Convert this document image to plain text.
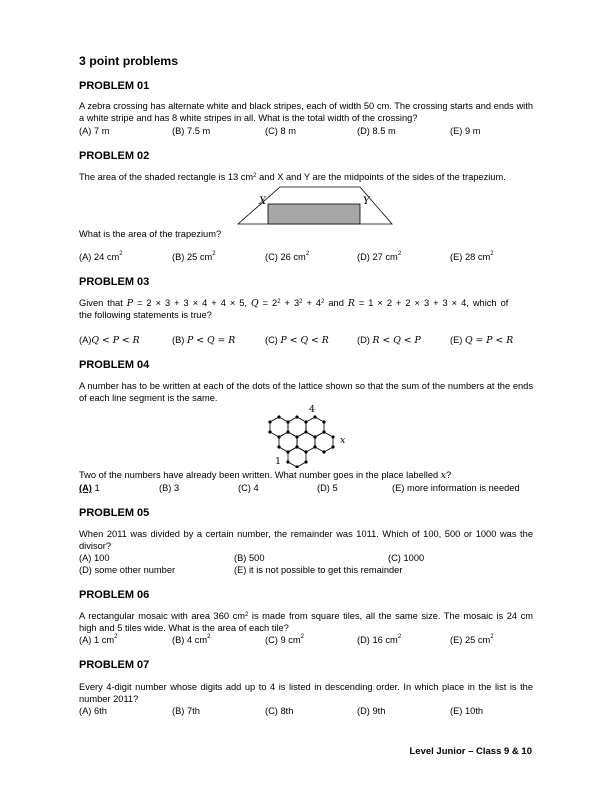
3 point problems
PROBLEM 01
A zebra crossing has alternate white and black stripes, each of width 50 cm. The crossing starts and ends with a white stripe and has 8 white stripes in all. What is the total width of the crossing?
(A) 7 m	(B) 7.5 m	(C) 8 m	(D) 8.5 m	(E) 9 m
PROBLEM 02
The area of the shaded rectangle is 13 $cm^2$ and X and Y are the midpoints of the sides of the trapezium.
X	Y
What is the area of the trapezium?
(A) 24 $cm^2$	(B) 25 $cm^2$	(C) 26 $cm^2$	(D) 27 $cm^2$	(E) 28 $cm^2$
PROBLEM 03
Given that P = 2 × 3 + 3 × 4 + 4 × 5, $Q = 2^2 + 3^2 + 4^2$ and R = 1 × 2 + 2 × 3 + 3 × 4, which of
the following statements is true?
(A)Q < P < R	(B) P < Q = R	(C) P < Q < R	(D) R < Q < P	(E) Q = P < R
PROBLEM 04
A number has to be written at each of the dots of the lattice shown so that the sum of the numbers at the ends of each line segment is the same.
4
1
x
Two of the numbers have already been written. What number goes in the place labelled x?
(A) 1	(B) 3	(C) 4	(D) 5	(E) more information is needed
PROBLEM 05
When 2011 was divided by a certain number, the remainder was 1011. Which of 100, 500 or 1000 was the divisor?
(A) 100	(B) 500	(C) 1000
(D) some other number	(E) it is not possible to get this remainder
PROBLEM 06
A rectangular mosaic with area 360 $cm^2$ is made from square tiles, all the same size. The mosaic is 24 cm high and 5 tiles wide. What is the area of each tile?
(A) 1 $cm^2$	(B) 4 $cm^2$	(C) 9 $cm^2$	(D) 16 $cm^2$	(E) 25 $cm^2$
PROBLEM 07
Every 4-digit number whose digits add up to 4 is listed in descending order. In which place in the list is the number 2011?
(A) 6th	(B) 7th	(C) 8th	(D) 9th	(E) 10th
Level Junior – Class 9 & 10
